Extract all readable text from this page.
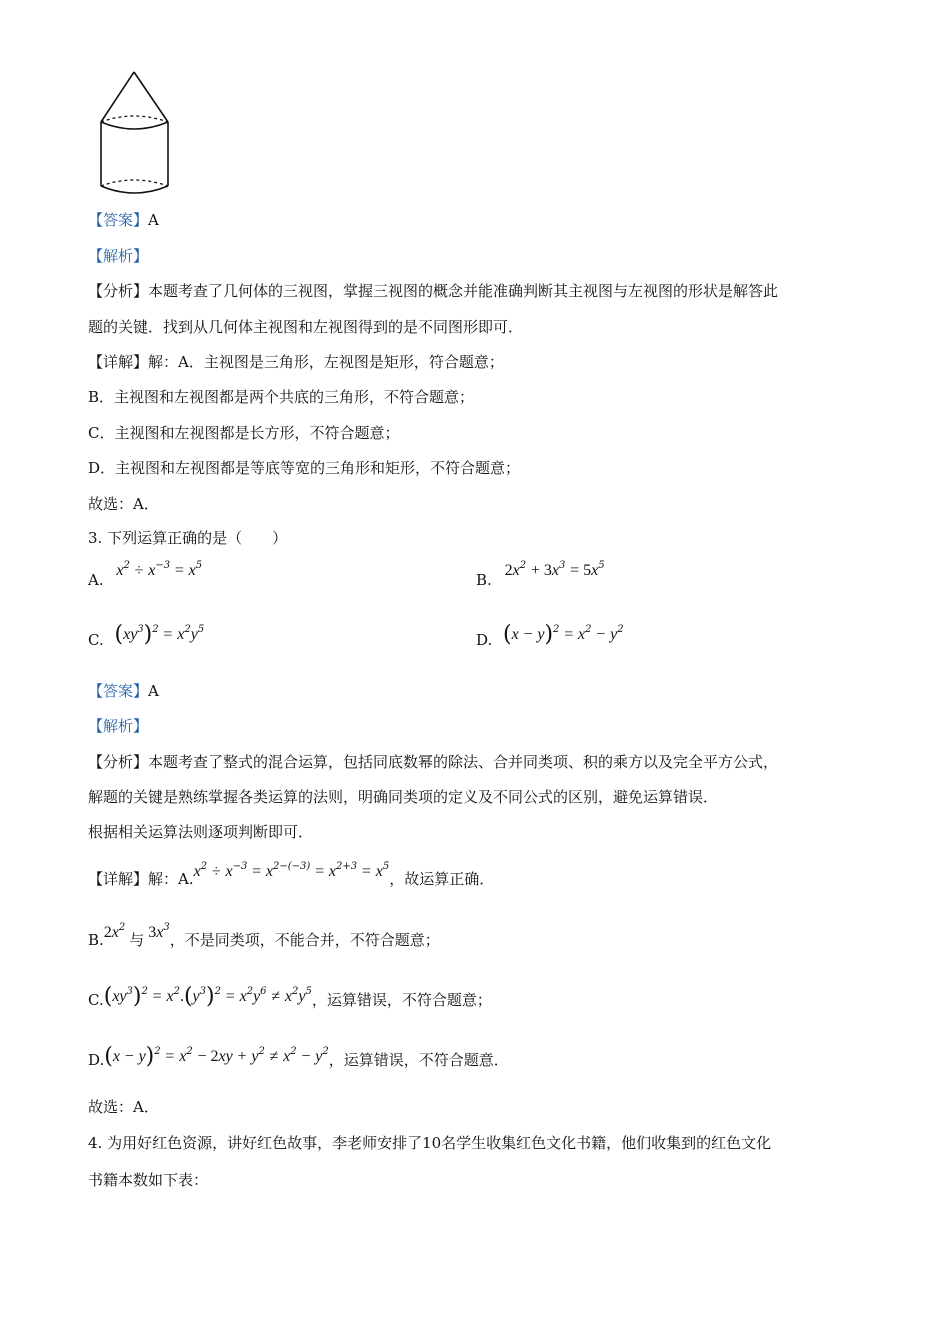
【答案】A
【解析】
【分析】本题考查了几何体的三视图，掌握三视图的概念并能准确判断其主视图与左视图的形状是解答此
题的关键．找到从几何体主视图和左视图得到的是不同图形即可．
【详解】解：A．主视图是三角形，左视图是矩形，符合题意；
B．主视图和左视图都是两个共底的三角形，不符合题意；
C．主视图和左视图都是长方形，不符合题意；
D．主视图和左视图都是等底等宽的三角形和矩形，不符合题意；
故选：A．
3. 下列运算正确的是（　　）
A. $x^2 \div x^{-3} = x^5$
B. $2x^2 + 3x^3 = 5x^5$
C. $(xy^3)^2 = x^2y^5$
D. $(x - y)^2 = x^2 - y^2$
【答案】A
【解析】
【分析】本题考查了整式的混合运算，包括同底数幂的除法、合并同类项、积的乘方以及完全平方公式，
解题的关键是熟练掌握各类运算的法则，明确同类项的定义及不同公式的区别，避免运算错误．
根据相关运算法则逐项判断即可．
【详解】解：$A.x^2 \div x^{-3} = x^{2-(-3)} = x^{2+3} = x^5$，故运算正确．
$B.2x^2$与 $3x^3$，不是同类项，不能合并，不符合题意；
$C.(xy^3)^2 = x^2.(y^3)^2 = x^2y^6 \ne x^2y^5$，运算错误，不符合题意；
$D.(x - y)^2 = x^2 - 2xy + y^2 \ne x^2 - y^2$，运算错误，不符合题意．
故选：A．
4. 为用好红色资源，讲好红色故事，李老师安排了10名学生收集红色文化书籍，他们收集到的红色文化
书籍本数如下表：
